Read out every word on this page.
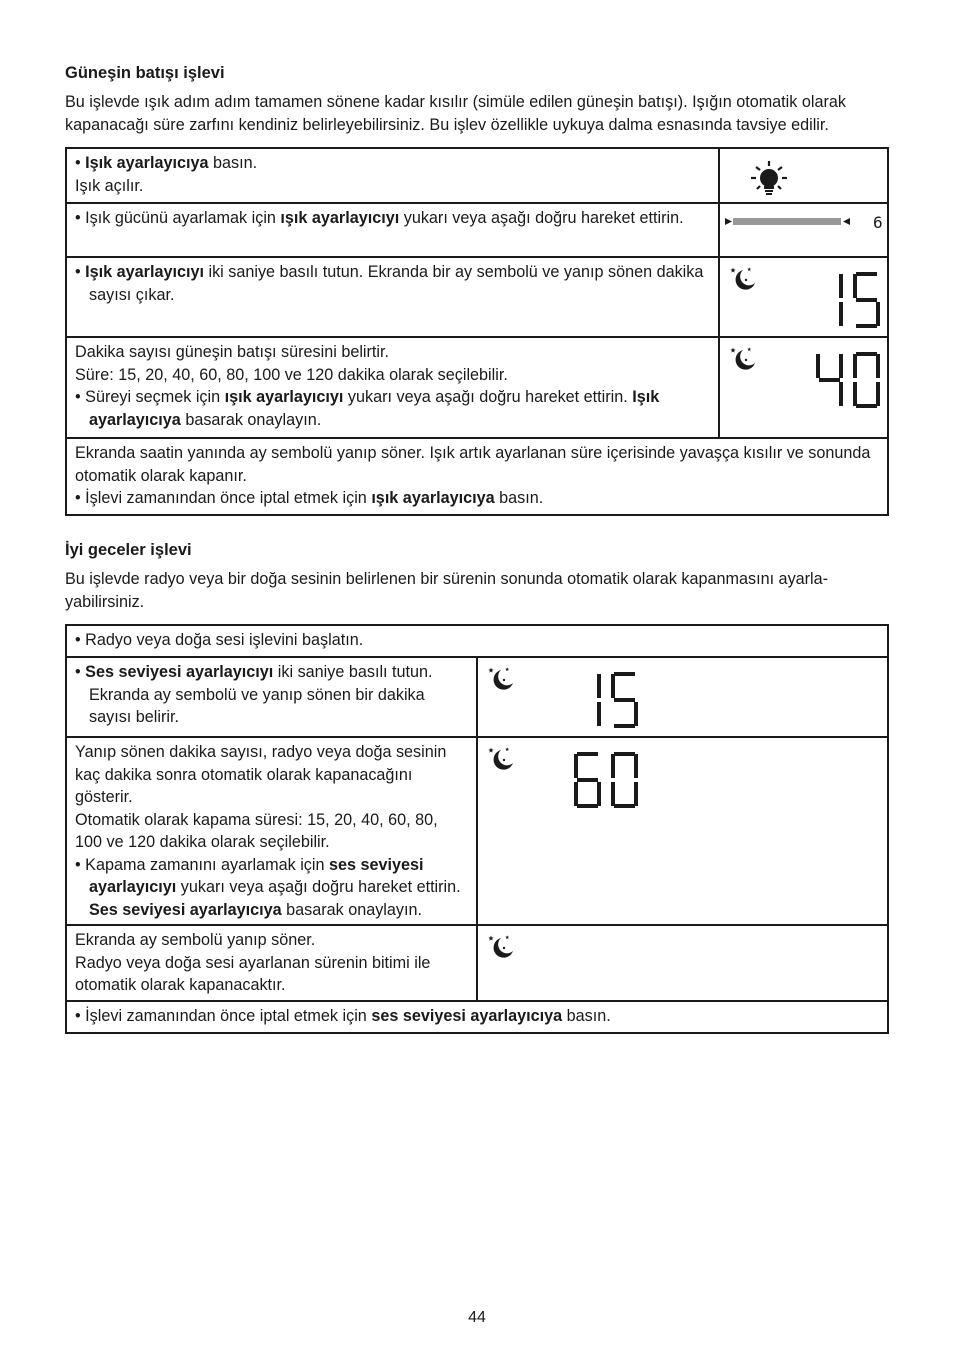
Güneşin batışı işlevi

Bu işlevde ışık adım adım tamamen sönene kadar kısılır (simüle edilen güneşin batışı). Işığın otomatik olarak kapanacağı süre zarfını kendiniz belirleyebilirsiniz. Bu işlev özellikle uykuya dalma esnasında tavsiye edilir.

• Işık ayarlayıcıya basın.
Işık açılır.

• Işık gücünü ayarlamak için ışık ayarlayıcıyı yukarı veya aşağı doğru hareket ettirin.	6

• Işık ayarlayıcıyı iki saniye basılı tutun. Ekranda bir ay sembolü ve yanıp sönen dakika sayısı çıkar.

Dakika sayısı güneşin batışı süresini belirtir.
Süre: 15, 20, 40, 60, 80, 100 ve 120 dakika olarak seçilebilir.
• Süreyi seçmek için ışık ayarlayıcıyı yukarı veya aşağı doğru hareket ettirin. Işık ayarlayıcıya basarak onaylayın.

Ekranda saatin yanında ay sembolü yanıp söner. Işık artık ayarlanan süre içerisinde yavaşça kısılır ve sonunda otomatik olarak kapanır.
• İşlevi zamanından önce iptal etmek için ışık ayarlayıcıya basın.	
İyi geceler işlevi

Bu işlevde radyo veya bir doğa sesinin belirlenen bir sürenin sonunda otomatik olarak kapanmasını ayarla-yabilirsiniz.

• Radyo veya doğa sesi işlevini başlatın.	

• Ses seviyesi ayarlayıcıyı iki saniye basılı tutun.
Ekranda ay sembolü ve yanıp sönen bir dakika sayısı belirir.

Yanıp sönen dakika sayısı, radyo veya doğa sesinin kaç dakika sonra otomatik olarak kapanacağını gösterir.
Otomatik olarak kapama süresi: 15, 20, 40, 60, 80, 100 ve 120 dakika olarak seçilebilir.
• Kapama zamanını ayarlamak için ses seviyesi ayarlayıcıyı yukarı veya aşağı doğru hareket ettirin. Ses seviyesi ayarlayıcıya basarak onaylayın.

Ekranda ay sembolü yanıp söner.
Radyo veya doğa sesi ayarlanan sürenin bitimi ile otomatik olarak kapanacaktır.

• İşlevi zamanından önce iptal etmek için ses seviyesi ayarlayıcıya basın.	
44
